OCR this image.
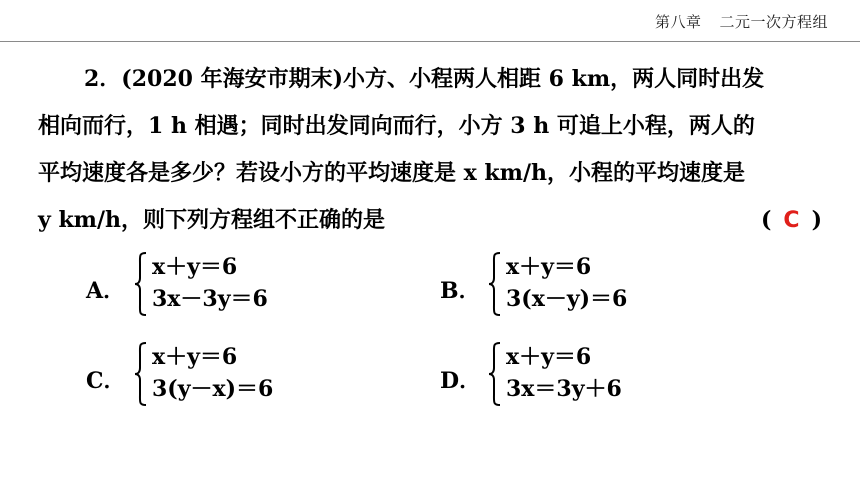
第八章 二元一次方程组
2．(2020 年海安市期末)小方、小程两人相距 6 km，两人同时出发
相向而行，1 h 相遇；同时出发同向而行，小方 3 h 可追上小程，两人的
平均速度各是多少？若设小方的平均速度是 x km/h，小程的平均速度是
y km/h，则下列方程组不正确的是	( C )
A．
x＋y＝6
3x－3y＝6	B．
x＋y＝6
3(x－y)＝6
C．
x＋y＝6
3(y－x)＝6	D．
x＋y＝6
3x＝3y＋6
